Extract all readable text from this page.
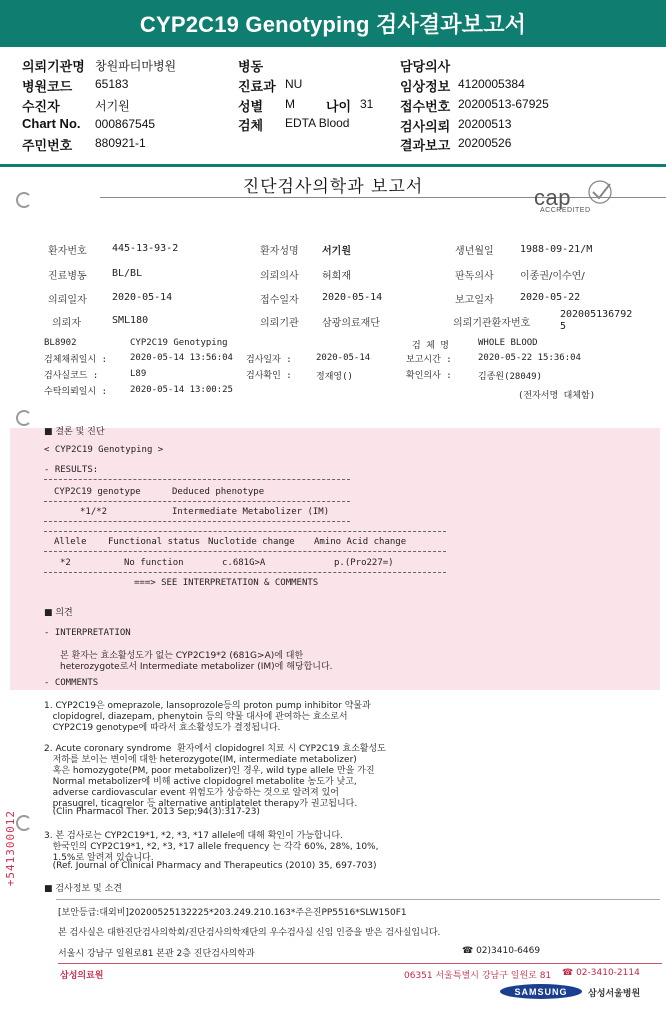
CYP2C19 Genotyping 검사결과보고서
의뢰기관명 창원파티마병원	병동	담당의사
병원코드 65183	진료과 NU	임상정보 4120005384
수진자	서기원	성별 M 나이 31 접수번호 20200513-67925
Chart No. 000867545	검체 EDTA Blood	검사의뢰 20200513
주민번호 880921-1	결과보고 20200526
진단검사의학과 보고서	cap
ACCREDITED
환자번호	445-13-93-2	환자성명 서기원	생년월일	1988-09-21/M
진료병동	BL/BL	의뢰의사 허희재	판독의사	이종권/이수연/
의뢰일자	2020-05-14	접수일자 2020-05-14	보고일자	2020-05-22
의뢰자	SML180	의뢰기관 삼광의료재단	의뢰기관환자번호
202005136792
5
BL8902	CYP2C19 Genotyping	검 체 명	WHOLE BLOOD
검체채취일시 :	2020-05-14 13:56:04 검사일자 :	2020-05-14	보고시간 :	2020-05-22 15:36:04
검사실코드 :	L89	검사확인 :	정재영()	확인의사 :	김종원(28049)
수탁의뢰일시 :	2020-05-14 13:00:25
(전자서명 대체함)
■ 결론 및 진단
< CYP2C19 Genotyping >
- RESULTS:
CYP2C19 genotype	Deduced phenotype
*1/*2	Intermediate Metabolizer (IM)
Allele Functional status Nuclotide change Amino Acid change
*2	No function	c.681G>A	p.(Pro227=)
===> SEE INTERPRETATION & COMMENTS
■ 의견
- INTERPRETATION
본 환자는 효소활성도가 없는 CYP2C19*2 (681G>A)에 대한
heterozygote로서 Intermediate metabolizer (IM)에 해당합니다.
- COMMENTS
1. CYP2C19은 omeprazole, lansoprozole등의 proton pump inhibitor 약물과
clopidogrel, diazepam, phenytoin 등의 약물 대사에 관여하는 효소로서
CYP2C19 genotype에 따라서 효소활성도가 결정됩니다.
2. Acute coronary syndrome  환자에서 clopidogrel 치료 시 CYP2C19 효소활성도
저하를 보이는 변이에 대한 heterozygote(IM, intermediate metabolizer)
혹은 homozygote(PM, poor metabolizer)인 경우, wild type allele 만을 가진
Normal metabolizer에 비해 active clopidogrel metabolite 농도가 낮고,
adverse cardiovascular event 위험도가 상승하는 것으로 알려져 있어
prasugrel, ticagrelor 등 alternative antiplatelet therapy가 권고됩니다.
(Clin Pharmacol Ther. 2013 Sep;94(3):317-23)
3. 본 검사로는 CYP2C19*1, *2, *3, *17 allele에 대해 확인이 가능합니다.
한국인의 CYP2C19*1, *2, *3, *17 allele frequency 는 각각 60%, 28%, 10%,
1.5%로 알려져 있습니다.
(Ref. Journal of Clinical Pharmacy and Therapeutics (2010) 35, 697-703)
+541300012
■ 검사정보 및 소견
[보안등급:대외비]20200525132225*203.249.210.163*주은진PP5516*SLW150F1
본 검사실은 대한진단검사의학회/진단검사의학재단의 우수검사실 신임 인증을 받은 검사실입니다.
서울시 강남구 일원로81 본관 2층 진단검사의학과	☎ 02)3410-6469
삼성의료원	06351 서울특별시 강남구 일원로 81 ☎ 02-3410-2114
SAMSUNG	삼성서울병원
